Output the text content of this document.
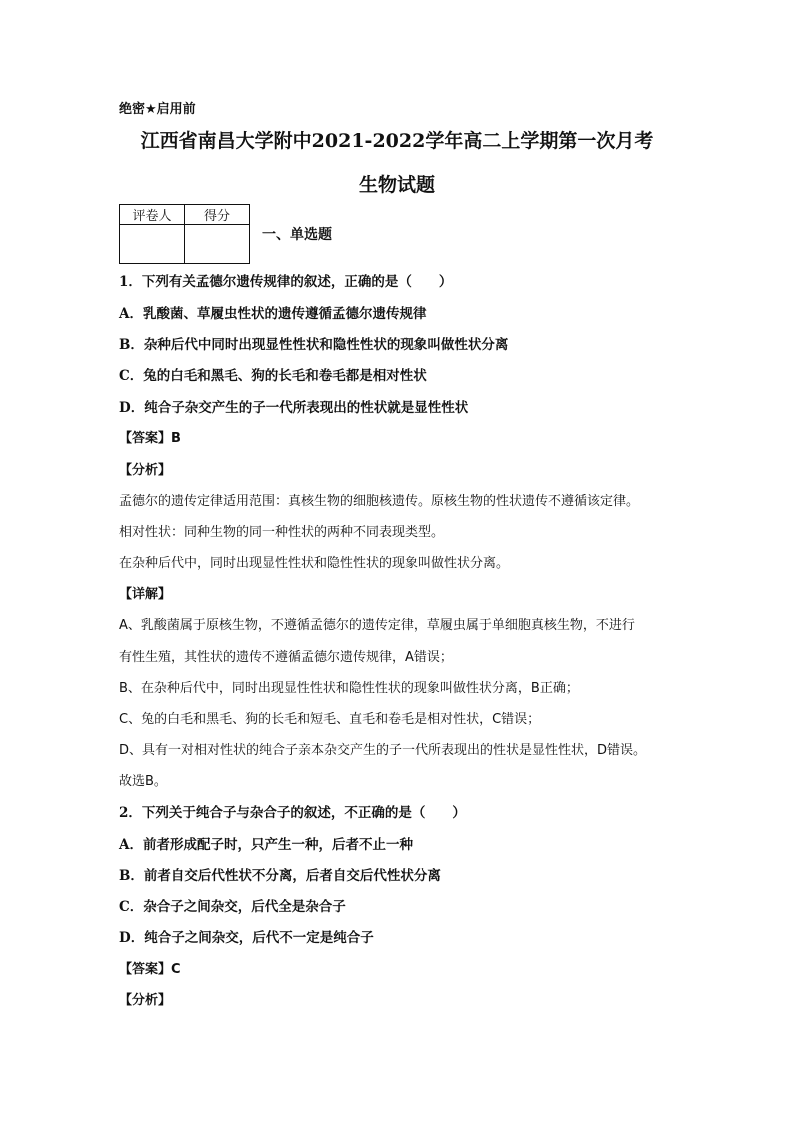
绝密★启用前
江西省南昌大学附中2021-2022学年高二上学期第一次月考
生物试题
评卷人	得分

一、单选题
1．下列有关孟德尔遗传规律的叙述，正确的是（　　）
A．乳酸菌、草履虫性状的遗传遵循孟德尔遗传规律
B．杂种后代中同时出现显性性状和隐性性状的现象叫做性状分离
C．兔的白毛和黑毛、狗的长毛和卷毛都是相对性状
D．纯合子杂交产生的子一代所表现出的性状就是显性性状
【答案】B
【分析】
孟德尔的遗传定律适用范围：真核生物的细胞核遗传。原核生物的性状遗传不遵循该定律。
相对性状：同种生物的同一种性状的两种不同表现类型。
在杂种后代中，同时出现显性性状和隐性性状的现象叫做性状分离。
【详解】
A、乳酸菌属于原核生物，不遵循孟德尔的遗传定律，草履虫属于单细胞真核生物，不进行
有性生殖，其性状的遗传不遵循孟德尔遗传规律，A错误；
B、在杂种后代中，同时出现显性性状和隐性性状的现象叫做性状分离，B正确；
C、兔的白毛和黑毛、狗的长毛和短毛、直毛和卷毛是相对性状，C错误；
D、具有一对相对性状的纯合子亲本杂交产生的子一代所表现出的性状是显性性状，D错误。
故选B。
2．下列关于纯合子与杂合子的叙述，不正确的是（　　）
A．前者形成配子时，只产生一种，后者不止一种
B．前者自交后代性状不分离，后者自交后代性状分离
C．杂合子之间杂交，后代全是杂合子
D．纯合子之间杂交，后代不一定是纯合子
【答案】C
【分析】
